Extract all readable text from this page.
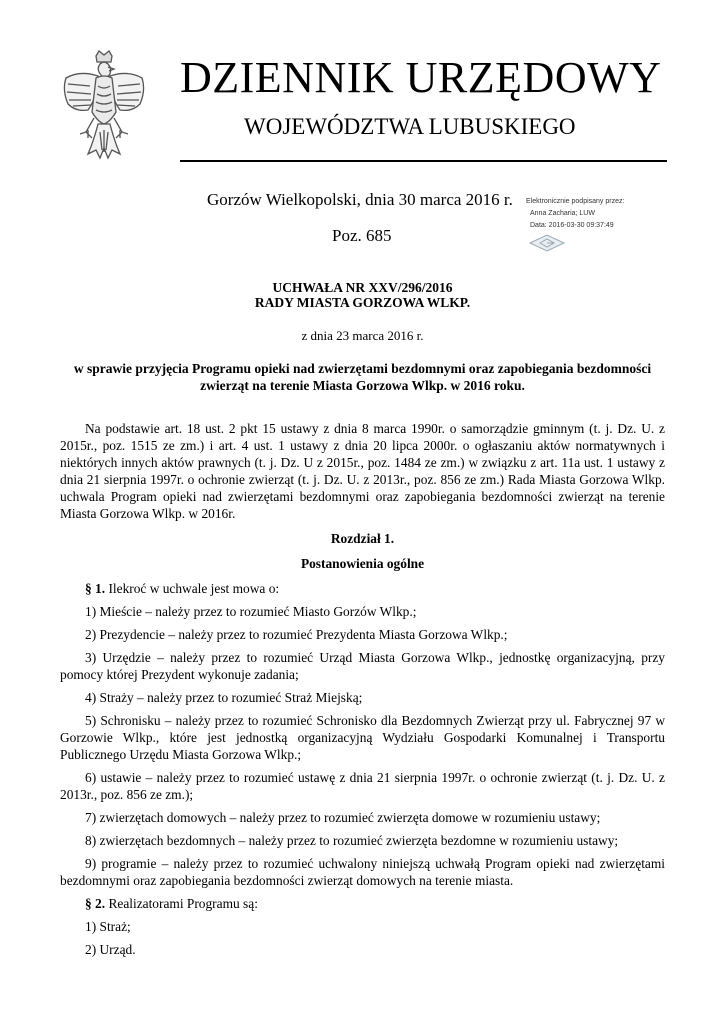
DZIENNIK URZĘDOWY
WOJEWÓDZTWA LUBUSKIEGO
Gorzów Wielkopolski, dnia 30 marca 2016 r.
Poz. 685
Elektronicznie podpisany przez:
Anna Zacharia; LUW
Data: 2016-03-30 09:37:49
UCHWAŁA NR XXV/296/2016
RADY MIASTA GORZOWA WLKP.
z dnia 23 marca 2016 r.
w sprawie przyjęcia Programu opieki nad zwierzętami bezdomnymi oraz zapobiegania bezdomności
zwierząt na terenie Miasta Gorzowa Wlkp. w 2016 roku.

Na podstawie art. 18 ust. 2 pkt 15 ustawy z dnia 8 marca 1990r. o samorządzie gminnym (t. j. Dz. U. z 2015r., poz. 1515 ze zm.) i art. 4 ust. 1 ustawy z dnia 20 lipca 2000r. o ogłaszaniu aktów normatywnych i niektórych innych aktów prawnych (t. j. Dz. U z 2015r., poz. 1484 ze zm.) w związku z art. 11a ust. 1 ustawy z dnia 21 sierpnia 1997r. o ochronie zwierząt (t. j. Dz. U. z 2013r., poz. 856 ze zm.) Rada Miasta Gorzowa Wlkp. uchwala Program opieki nad zwierzętami bezdomnymi oraz zapobiegania bezdomności zwierząt na terenie Miasta Gorzowa Wlkp. w 2016r.

Rozdział 1.

Postanowienia ogólne

§ 1. Ilekroć w uchwale jest mowa o:

1) Mieście – należy przez to rozumieć Miasto Gorzów Wlkp.;

2) Prezydencie – należy przez to rozumieć Prezydenta Miasta Gorzowa Wlkp.;

3) Urzędzie – należy przez to rozumieć Urząd Miasta Gorzowa Wlkp., jednostkę organizacyjną, przy pomocy której Prezydent wykonuje zadania;

4) Straży – należy przez to rozumieć Straż Miejską;

5) Schronisku – należy przez to rozumieć Schronisko dla Bezdomnych Zwierząt przy ul. Fabrycznej 97 w Gorzowie Wlkp., które jest jednostką organizacyjną Wydziału Gospodarki Komunalnej i Transportu Publicznego Urzędu Miasta Gorzowa Wlkp.;

6) ustawie – należy przez to rozumieć ustawę z dnia 21 sierpnia 1997r. o ochronie zwierząt (t. j. Dz. U. z 2013r., poz. 856 ze zm.);

7) zwierzętach domowych – należy przez to rozumieć zwierzęta domowe w rozumieniu ustawy;

8) zwierzętach bezdomnych – należy przez to rozumieć zwierzęta bezdomne w rozumieniu ustawy;

9) programie – należy przez to rozumieć uchwalony niniejszą uchwałą Program opieki nad zwierzętami bezdomnymi oraz zapobiegania bezdomności zwierząt domowych na terenie miasta.

§ 2. Realizatorami Programu są:

1) Straż;

2) Urząd.
